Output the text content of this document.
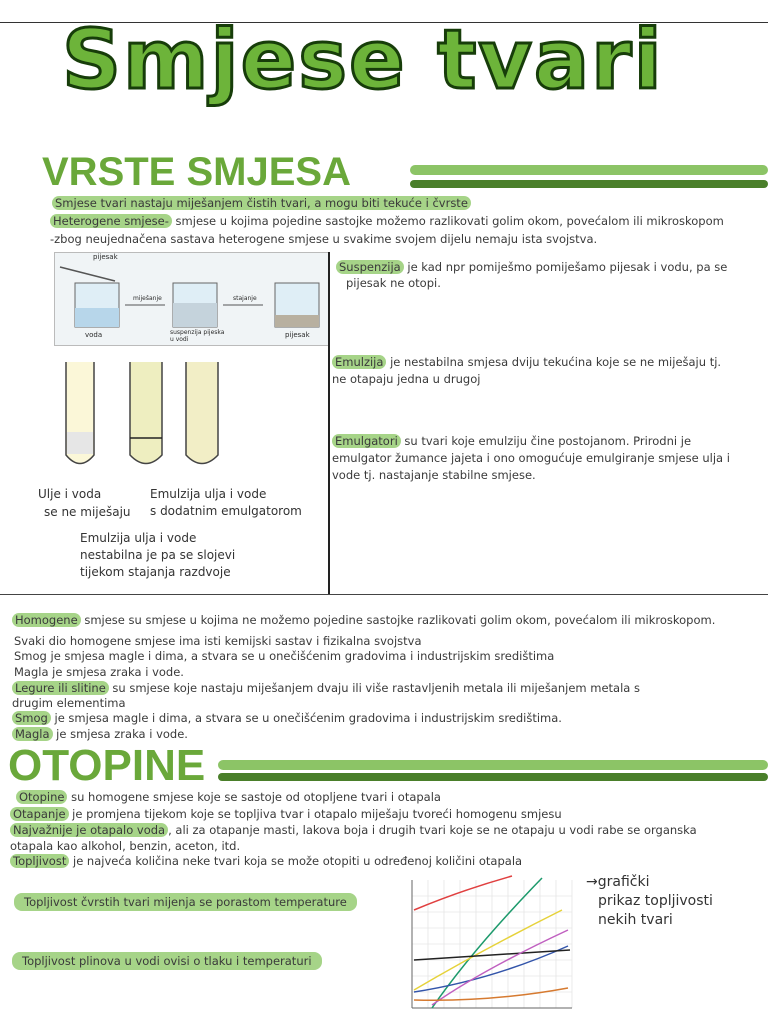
Smjese tvari
VRSTE SMJESA
Smjese tvari nastaju miješanjem čistih tvari, a mogu biti tekuće i čvrste
Heterogene smjese- smjese u kojima pojedine sastojke možemo razlikovati golim okom, povećalom ili mikroskopom
-zbog neujednačena sastava heterogene smjese u svakime svojem dijelu nemaju ista svojstva.
pijesak
voda	suspenzija pijeska u vodi
pijesak
miješanje	stajanje
Suspenzija je kad npr pomiješmo pomiješamo pijesak i vodu, pa se
pijesak ne otopi.
Emulzija je nestabilna smjesa dviju tekućina koje se ne miješaju tj.
ne otapaju jedna u drugoj
Emulgatori su tvari koje emulziju čine postojanom. Prirodni je
emulgator žumance jajeta i ono omogućuje emulgiranje smjese ulja i
vode tj. nastajanje stabilne smjese.
Ulje i voda
se ne miješaju
Emulzija ulja i vode
s dodatnim emulgatorom
Emulzija ulja i vode
nestabilna je pa se slojevi
tijekom stajanja razdvoje
Homogene smjese su smjese u kojima ne možemo pojedine sastojke razlikovati golim okom, povećalom ili mikroskopom.
Svaki dio homogene smjese ima isti kemijski sastav i fizikalna svojstva
Smog je smjesa magle i dima, a stvara se u onečišćenim gradovima i industrijskim središtima
Magla je smjesa zraka i vode.
Legure ili slitine su smjese koje nastaju miješanjem dvaju ili više rastavljenih metala ili miješanjem metala s
drugim elementima
Smog je smjesa magle i dima, a stvara se u onečišćenim gradovima i industrijskim središtima.
Magla je smjesa zraka i vode.
OTOPINE
Otopine su homogene smjese koje se sastoje od otopljene tvari i otapala
Otapanje je promjena tijekom koje se topljiva tvar i otapalo miješaju tvoreći homogenu smjesu
Najvažnije je otapalo voda , ali za otapanje masti, lakova boja i drugih tvari koje se ne otapaju u vodi rabe se organska
otapala kao alkohol, benzin, aceton, itd.
Topljivost je najveća količina neke tvari koja se može otopiti u određenoj količini otapala
Topljivost čvrstih tvari mijenja se porastom temperature
Topljivost plinova u vodi ovisi o tlaku i temperaturi
→grafički
prikaz topljivosti
nekih tvari
